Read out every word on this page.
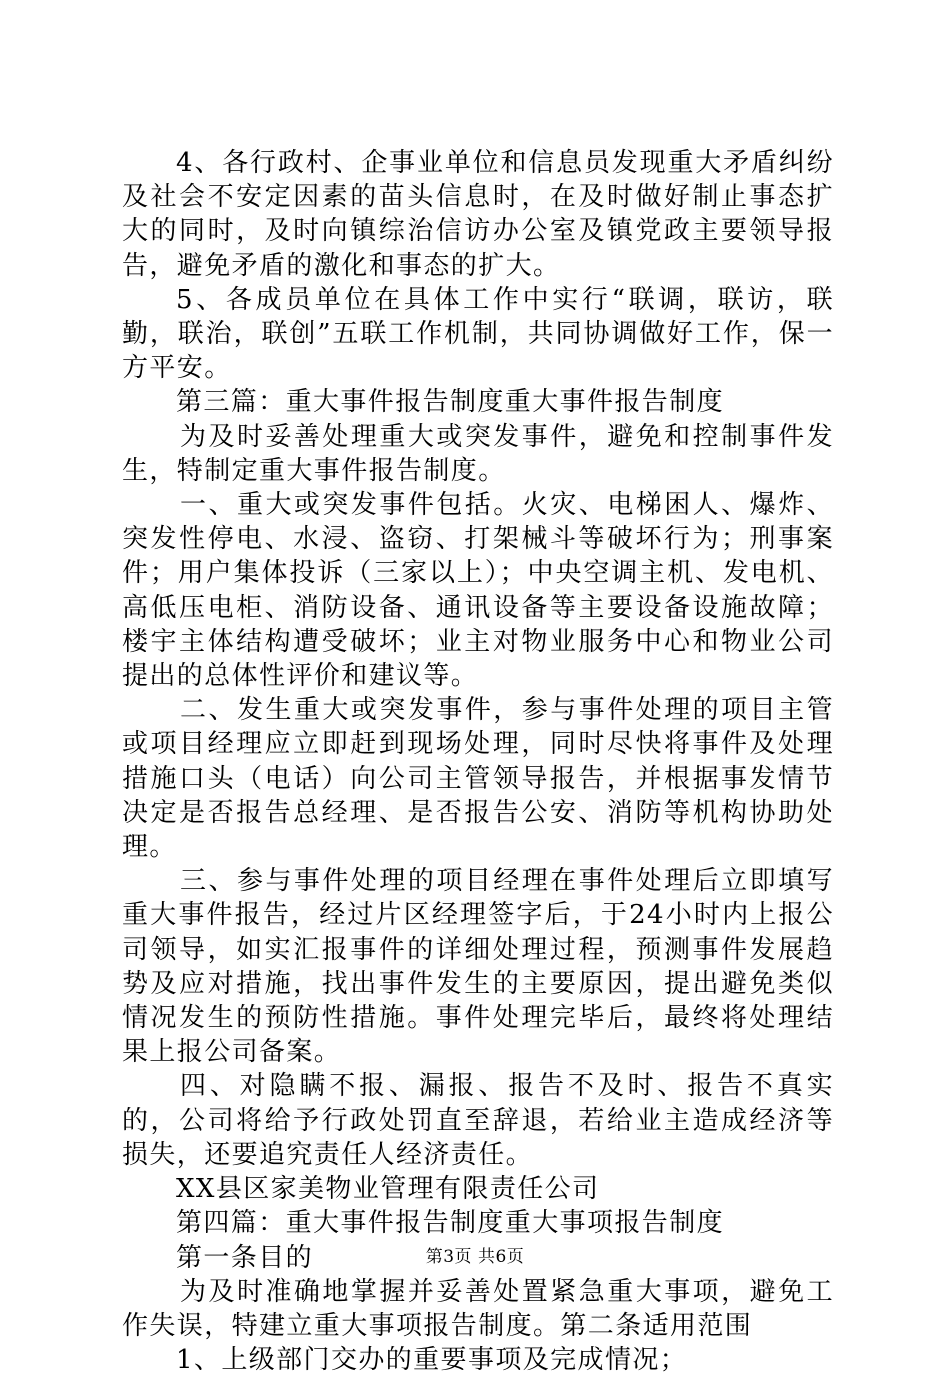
4、各行政村、企事业单位和信息员发现重大矛盾纠纷及社会不安定因素的苗头信息时，在及时做好制止事态扩大的同时，及时向镇综治信访办公室及镇党政主要领导报告，避免矛盾的激化和事态的扩大。

5、各成员单位在具体工作中实行“联调，联访，联勤，联治，联创”五联工作机制，共同协调做好工作，保一方平安。

第三篇：重大事件报告制度重大事件报告制度

为及时妥善处理重大或突发事件，避免和控制事件发生，特制定重大事件报告制度。

一、重大或突发事件包括。火灾、电梯困人、爆炸、突发性停电、水浸、盗窃、打架械斗等破坏行为；刑事案件；用户集体投诉（三家以上）；中央空调主机、发电机、高低压电柜、消防设备、通讯设备等主要设备设施故障；楼宇主体结构遭受破坏；业主对物业服务中心和物业公司提出的总体性评价和建议等。

二、发生重大或突发事件，参与事件处理的项目主管或项目经理应立即赶到现场处理，同时尽快将事件及处理措施口头（电话）向公司主管领导报告，并根据事发情节决定是否报告总经理、是否报告公安、消防等机构协助处理。

三、参与事件处理的项目经理在事件处理后立即填写重大事件报告，经过片区经理签字后，于24小时内上报公司领导，如实汇报事件的详细处理过程，预测事件发展趋势及应对措施，找出事件发生的主要原因，提出避免类似情况发生的预防性措施。事件处理完毕后，最终将处理结果上报公司备案。

四、对隐瞒不报、漏报、报告不及时、报告不真实的，公司将给予行政处罚直至辞退，若给业主造成经济等损失，还要追究责任人经济责任。

XX县区家美物业管理有限责任公司

第四篇：重大事件报告制度重大事项报告制度

第一条目的

为及时准确地掌握并妥善处置紧急重大事项，避免工作失误，特建立重大事项报告制度。第二条适用范围

1、上级部门交办的重要事项及完成情况；

第3页 共6页
